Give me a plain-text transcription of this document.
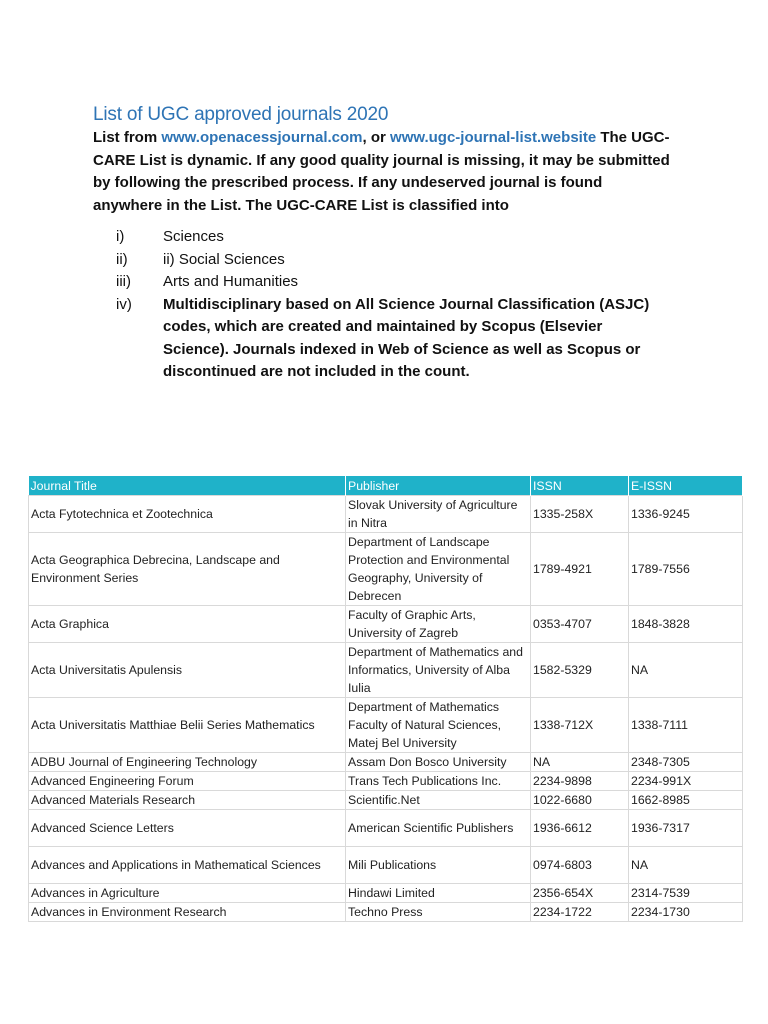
List of UGC approved journals 2020

List from www.openacessjournal.com, or www.ugc-journal-list.website The UGC-CARE List is dynamic. If any good quality journal is missing, it may be submitted by following the prescribed process. If any undeserved journal is found anywhere in the List. The UGC-CARE List is classified into

i)	Sciences
ii)	ii) Social Sciences
iii)	Arts and Humanities
iv)	Multidisciplinary based on All Science Journal Classification (ASJC) codes, which are created and maintained by Scopus (Elsevier Science). Journals indexed in Web of Science as well as Scopus or discontinued are not included in the count.
Journal Title	Publisher	ISSN	E-ISSN
Acta Fytotechnica et Zootechnica	Slovak University of Agriculture in Nitra	1335-258X	1336-9245
Acta Geographica Debrecina, Landscape and Environment Series	Department of Landscape Protection and Environmental Geography, University of Debrecen	1789-4921	1789-7556
Acta Graphica	Faculty of Graphic Arts, University of Zagreb	0353-4707	1848-3828
Acta Universitatis Apulensis	Department of Mathematics and Informatics, University of Alba Iulia	1582-5329	NA
Acta Universitatis Matthiae Belii Series Mathematics	Department of Mathematics Faculty of Natural Sciences, Matej Bel University	1338-712X	1338-7111
ADBU Journal of Engineering Technology	Assam Don Bosco University	NA	2348-7305
Advanced Engineering Forum	Trans Tech Publications Inc.	2234-9898	2234-991X
Advanced Materials Research	Scientific.Net	1022-6680	1662-8985
Advanced Science Letters	American Scientific Publishers	1936-6612	1936-7317
Advances and Applications in Mathematical Sciences	Mili Publications	0974-6803	NA
Advances in Agriculture	Hindawi Limited	2356-654X	2314-7539
Advances in Environment Research	Techno Press	2234-1722	2234-1730
